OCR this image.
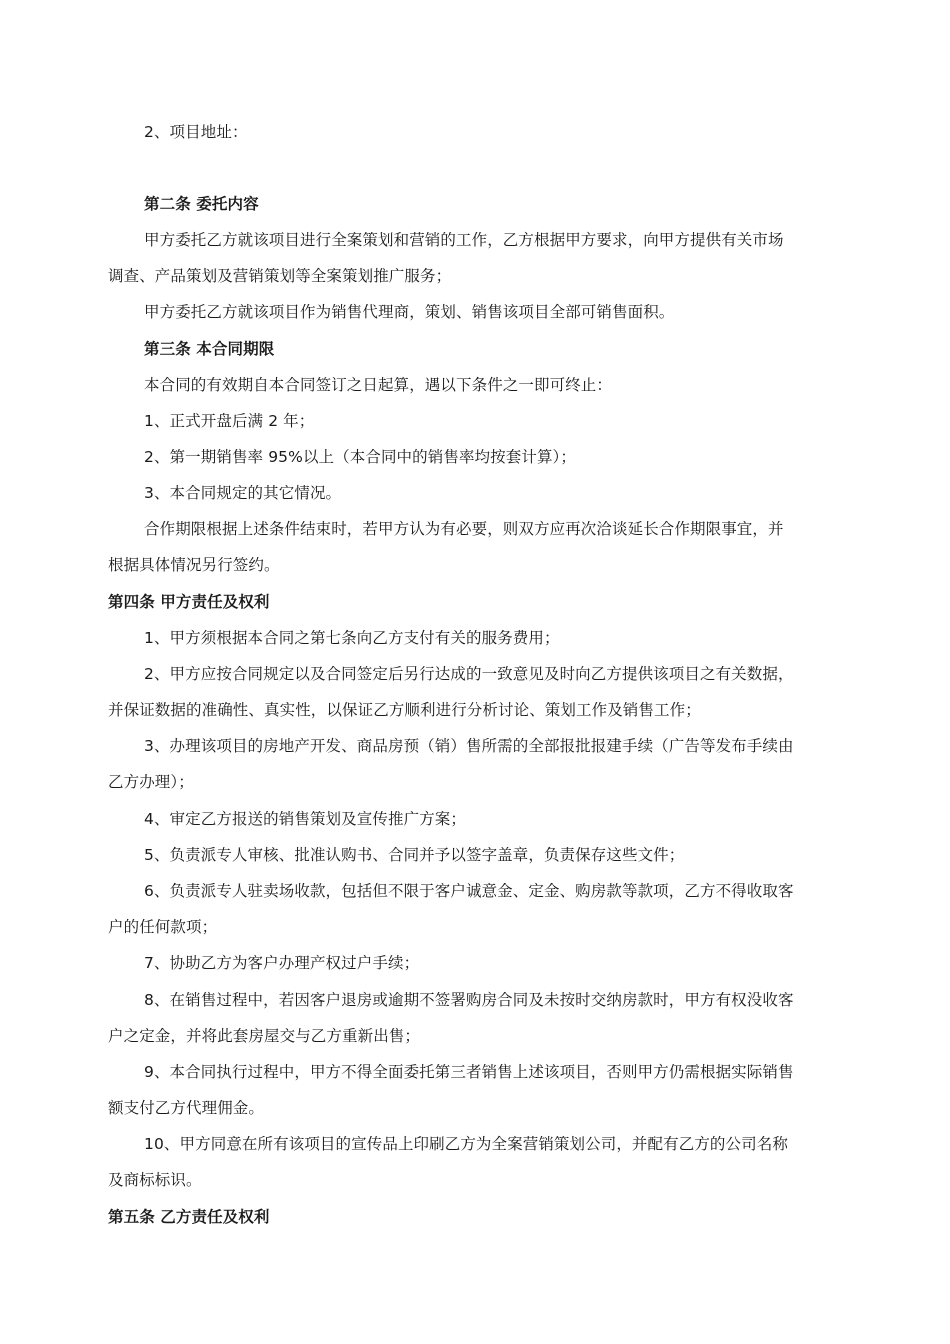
2、项目地址：
第二条 委托内容
甲方委托乙方就该项目进行全案策划和营销的工作，乙方根据甲方要求，向甲方提供有关市场
调查、产品策划及营销策划等全案策划推广服务；
甲方委托乙方就该项目作为销售代理商，策划、销售该项目全部可销售面积。
第三条 本合同期限
本合同的有效期自本合同签订之日起算，遇以下条件之一即可终止：
1、正式开盘后满 2 年；
2、第一期销售率 95%以上（本合同中的销售率均按套计算）；
3、本合同规定的其它情况。
合作期限根据上述条件结束时，若甲方认为有必要，则双方应再次洽谈延长合作期限事宜，并
根据具体情况另行签约。
第四条 甲方责任及权利
1、甲方须根据本合同之第七条向乙方支付有关的服务费用；
2、甲方应按合同规定以及合同签定后另行达成的一致意见及时向乙方提供该项目之有关数据，
并保证数据的准确性、真实性，以保证乙方顺利进行分析讨论、策划工作及销售工作；
3、办理该项目的房地产开发、商品房预（销）售所需的全部报批报建手续（广告等发布手续由
乙方办理）；
4、审定乙方报送的销售策划及宣传推广方案；
5、负责派专人审核、批准认购书、合同并予以签字盖章，负责保存这些文件；
6、负责派专人驻卖场收款，包括但不限于客户诚意金、定金、购房款等款项，乙方不得收取客
户的任何款项；
7、协助乙方为客户办理产权过户手续；
8、在销售过程中，若因客户退房或逾期不签署购房合同及未按时交纳房款时，甲方有权没收客
户之定金，并将此套房屋交与乙方重新出售；
9、本合同执行过程中，甲方不得全面委托第三者销售上述该项目，否则甲方仍需根据实际销售
额支付乙方代理佣金。
10、甲方同意在所有该项目的宣传品上印刷乙方为全案营销策划公司，并配有乙方的公司名称
及商标标识。
第五条 乙方责任及权利
